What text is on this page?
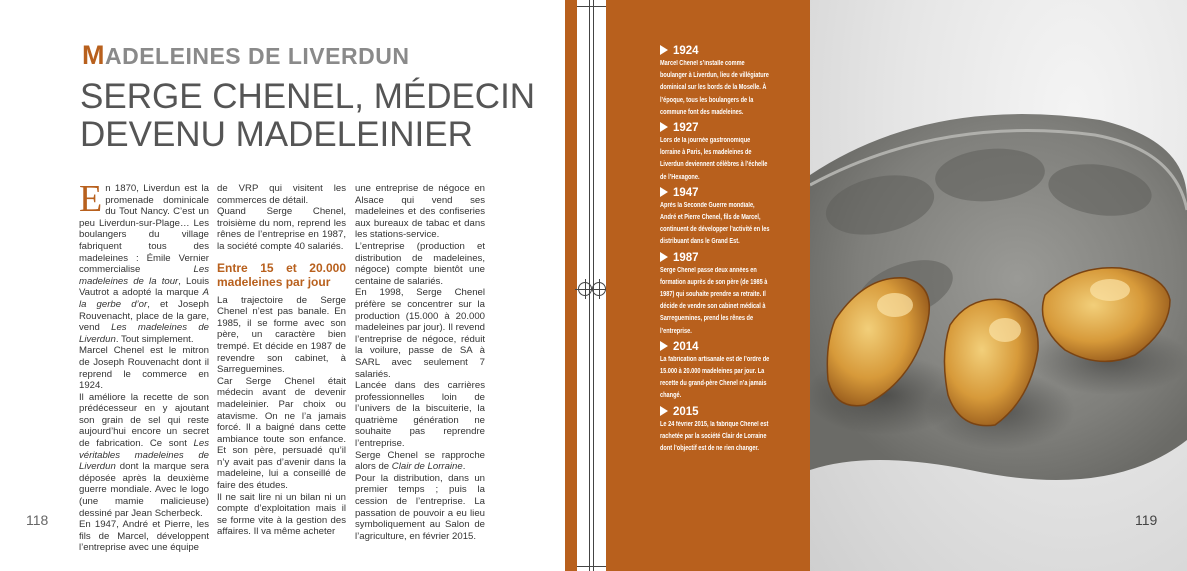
MADELEINES DE LIVERDUN
SERGE CHENEL, MÉDECIN DEVENU MADELEINIER

En 1870, Liverdun est la promenade dominicale du Tout Nancy. C’est un peu Liverdun-sur-Plage… Les boulangers du village fabriquent tous des madeleines : Émile Vernier commercialise Les madeleines de la tour, Louis Vautrot a adopté la marque A la gerbe d’or, et Joseph Rouvenacht, place de la gare, vend Les madeleines de Liverdun. Tout simplement.

Marcel Chenel est le mitron de Joseph Rouvenacht dont il reprend le commerce en 1924.

Il améliore la recette de son prédécesseur en y ajoutant son grain de sel qui reste aujourd’hui encore un secret de fabrication. Ce sont Les véritables madeleines de Liverdun dont la marque sera déposée après la deuxième guerre mondiale. Avec le logo (une mamie malicieuse) dessiné par Jean Scherbeck.

En 1947, André et Pierre, les fils de Marcel, développent l’entreprise avec une équipe

de VRP qui visitent les commerces de détail.

Quand Serge Chenel, troisième du nom, reprend les rênes de l’entreprise en 1987, la société compte 40 salariés.

Entre 15 et 20.000 madeleines par jour

La trajectoire de Serge Chenel n’est pas banale. En 1985, il se forme avec son père, un caractère bien trempé. Et décide en 1987 de revendre son cabinet, à Sarreguemines.

Car Serge Chenel était médecin avant de devenir madeleinier. Par choix ou atavisme. On ne l’a jamais forcé. Il a baigné dans cette ambiance toute son enfance. Et son père, persuadé qu’il n’y avait pas d’avenir dans la madeleine, lui a conseillé de faire des études.

Il ne sait lire ni un bilan ni un compte d’exploitation mais il se forme vite à la gestion des affaires. Il va même acheter

une entreprise de négoce en Alsace qui vend ses madeleines et des confiseries aux bureaux de tabac et dans les stations-service.

L’entreprise (production et distribution de madeleines, négoce) compte bientôt une centaine de salariés.

En 1998, Serge Chenel préfère se concentrer sur la production (15.000 à 20.000 madeleines par jour). Il revend l’entreprise de négoce, réduit la voilure, passe de SA à SARL avec seulement 7 salariés.

Lancée dans des carrières professionnelles loin de l’univers de la biscuiterie, la quatrième génération ne souhaite pas reprendre l’entreprise.

Serge Chenel se rapproche alors de Clair de Lorraine.

Pour la distribution, dans un premier temps ; puis la cession de l’entreprise. La passation de pouvoir a eu lieu symboliquement au Salon de l’agriculture, en février 2015.

118
1924
Marcel Chenel s’installe comme boulanger à Liverdun, lieu de villégiature dominical sur les bords de la Moselle. À l’époque, tous les boulangers de la commune font des madeleines.
1927
Lors de la journée gastronomique lorraine à Paris, les madeleines de Liverdun deviennent célèbres à l’échelle de l’Hexagone.
1947
Après la Seconde Guerre mondiale, André et Pierre Chenel, fils de Marcel, continuent de développer l’activité en les distribuant dans le Grand Est.
1987
Serge Chenel passe deux années en formation auprès de son père (de 1985 à 1987) qui souhaite prendre sa retraite. Il décide de vendre son cabinet médical à Sarreguemines, prend les rênes de l’entreprise.
2014
La fabrication artisanale est de l’ordre de 15.000 à 20.000 madeleines par jour. La recette du grand-père Chenel n’a jamais changé.
2015
Le 24 février 2015, la fabrique Chenel est rachetée par la société Clair de Lorraine dont l’objectif est de ne rien changer.
119
